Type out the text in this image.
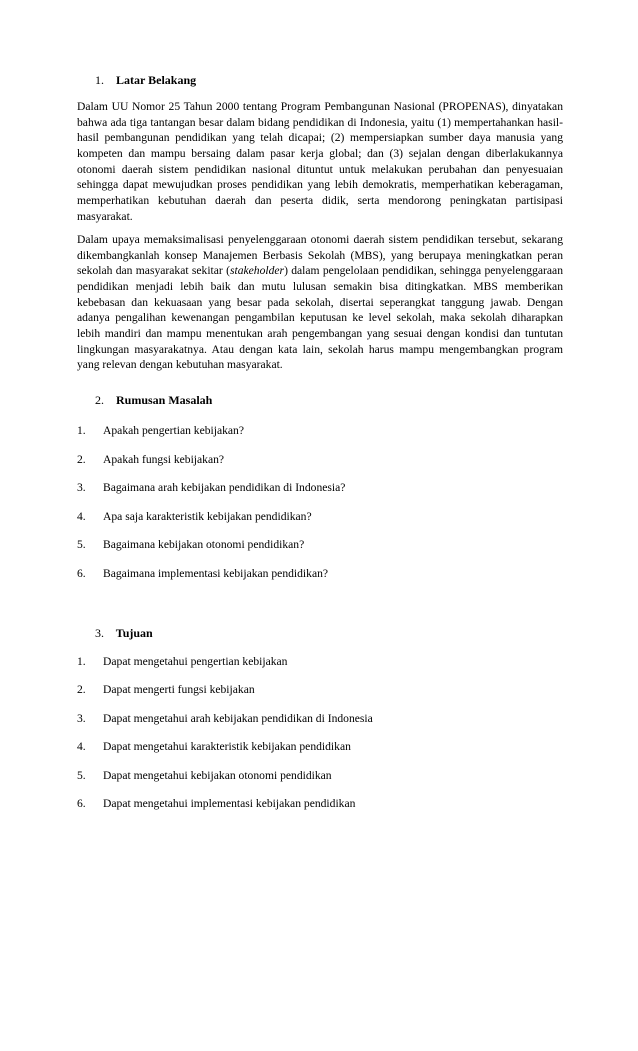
1. Latar Belakang

Dalam UU Nomor 25 Tahun 2000 tentang Program Pembangunan Nasional (PROPENAS), dinyatakan bahwa ada tiga tantangan besar dalam bidang pendidikan di Indonesia, yaitu (1) mempertahankan hasil-hasil pembangunan pendidikan yang telah dicapai; (2) mempersiapkan sumber daya manusia yang kompeten dan mampu bersaing dalam pasar kerja global; dan (3) sejalan dengan diberlakukannya otonomi daerah sistem pendidikan nasional dituntut untuk melakukan perubahan dan penyesuaian sehingga dapat mewujudkan proses pendidikan yang lebih demokratis, memperhatikan keberagaman, memperhatikan kebutuhan daerah dan peserta didik, serta mendorong peningkatan partisipasi masyarakat.

Dalam upaya memaksimalisasi penyelenggaraan otonomi daerah sistem pendidikan tersebut, sekarang dikembangkanlah konsep Manajemen Berbasis Sekolah (MBS), yang berupaya meningkatkan peran sekolah dan masyarakat sekitar (stakeholder) dalam pengelolaan pendidikan, sehingga penyelenggaraan pendidikan menjadi lebih baik dan mutu lulusan semakin bisa ditingkatkan. MBS memberikan kebebasan dan kekuasaan yang besar pada sekolah, disertai seperangkat tanggung jawab. Dengan adanya pengalihan kewenangan pengambilan keputusan ke level sekolah, maka sekolah diharapkan lebih mandiri dan mampu menentukan arah pengembangan yang sesuai dengan kondisi dan tuntutan lingkungan masyarakatnya. Atau dengan kata lain, sekolah harus mampu mengembangkan program yang relevan dengan kebutuhan masyarakat.

2. Rumusan Masalah
1. Apakah pengertian kebijakan?
2. Apakah fungsi kebijakan?
3. Bagaimana arah kebijakan pendidikan di Indonesia?
4. Apa saja karakteristik kebijakan pendidikan?
5. Bagaimana kebijakan otonomi pendidikan?
6. Bagaimana implementasi kebijakan pendidikan?
3. Tujuan
1. Dapat mengetahui pengertian kebijakan
2. Dapat mengerti fungsi kebijakan
3. Dapat mengetahui arah kebijakan pendidikan di Indonesia
4. Dapat mengetahui karakteristik kebijakan pendidikan
5. Dapat mengetahui kebijakan otonomi pendidikan
6. Dapat mengetahui implementasi kebijakan pendidikan
